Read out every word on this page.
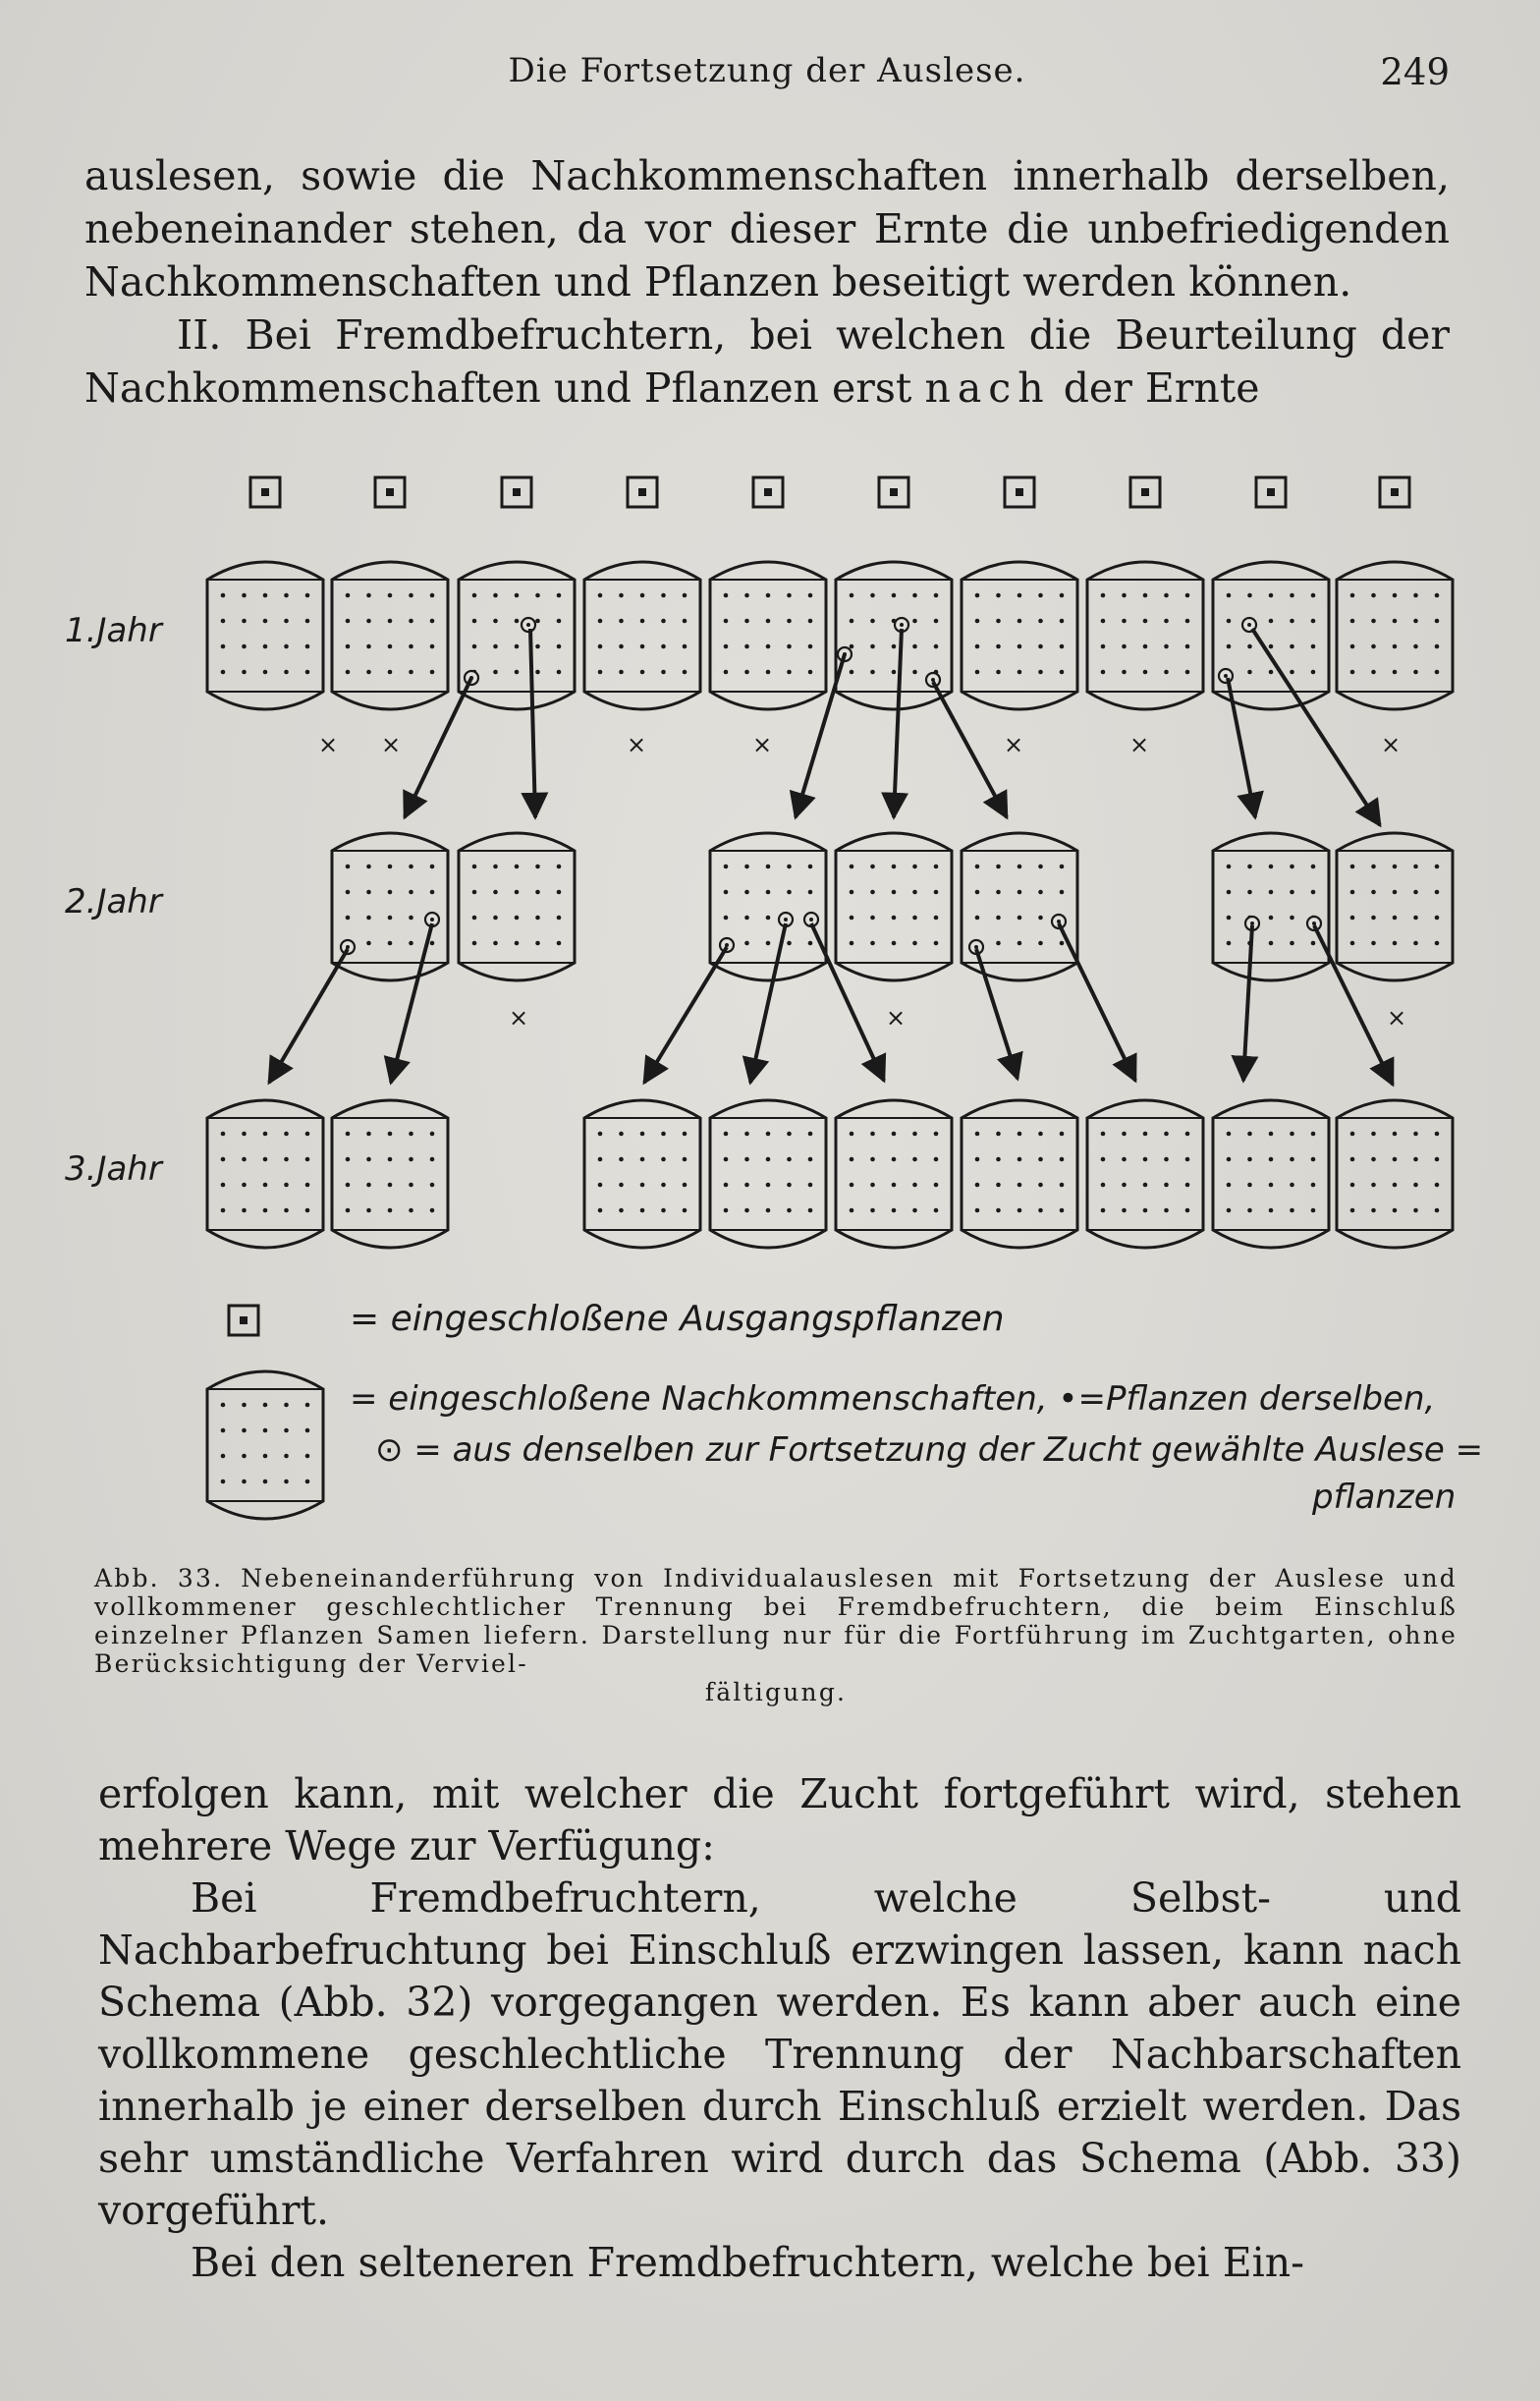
Die Fortsetzung der Auslese.	249

auslesen, sowie die Nachkommenschaften innerhalb derselben, nebeneinander stehen, da vor dieser Ernte die unbefriedigenden Nachkommenschaften und Pflanzen beseitigt werden können.

II. Bei Fremdbefruchtern, bei welchen die Beurteilung der Nachkommenschaften und Pflanzen erst nach der Ernte

× ×	×	×	×	×	×
×	×	×
1.Jahr
2.Jahr
3.Jahr
= eingeschloßene Ausgangspflanzen
= eingeschloßene Nachkommenschaften, •=Pflanzen derselben,
⊙ = aus denselben zur Fortsetzung der Zucht gewählte Auslese =
pflanzen
Abb. 33. Nebeneinanderführung von Individualauslesen mit Fortsetzung der Auslese und vollkommener geschlechtlicher Trennung bei Fremdbefruchtern, die beim Einschluß einzelner Pflanzen Samen liefern. Darstellung nur für die Fortführung im Zuchtgarten, ohne Berücksichtigung der Verviel-
fältigung.

erfolgen kann, mit welcher die Zucht fortgeführt wird, stehen mehrere Wege zur Verfügung:

Bei Fremdbefruchtern, welche Selbst- und Nachbarbefruchtung bei Einschluß erzwingen lassen, kann nach Schema (Abb. 32) vorgegangen werden. Es kann aber auch eine vollkommene geschlechtliche Trennung der Nachbarschaften innerhalb je einer derselben durch Einschluß erzielt werden. Das sehr umständliche Verfahren wird durch das Schema (Abb. 33) vorgeführt.

Bei den selteneren Fremdbefruchtern, welche bei Ein-
